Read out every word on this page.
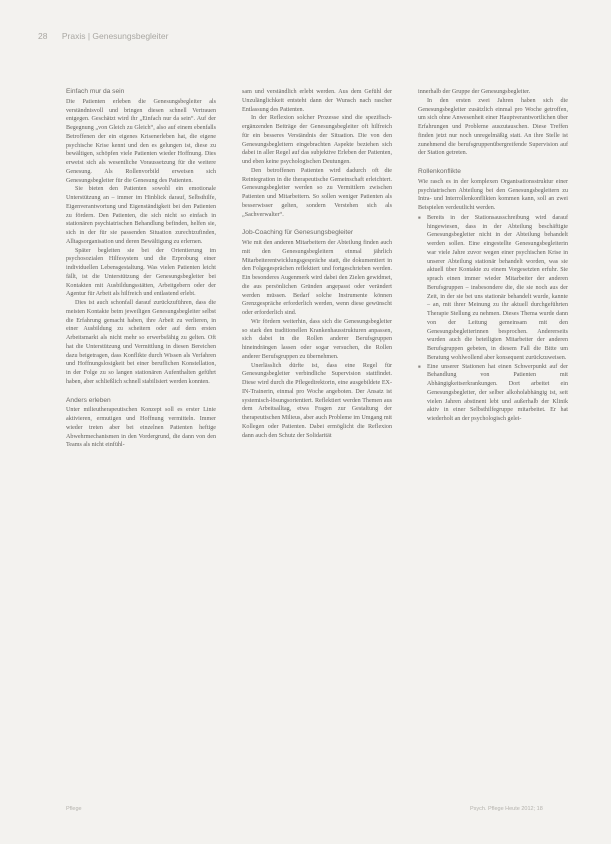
28 Praxis | Genesungsbegleiter
Einfach mur da sein

Die Patienten erleben die Genesungsbegleiter als verständnisvoll und bringen diesen schnell Vertrauen entgegen. Geschätzt wird ihr „Einfach nur da sein“. Auf der Begegnung „von Gleich zu Gleich“, also auf einem ebenfalls Betroffenen der ein eigenes Krisenerleben hat, die eigene psychische Krise kennt und den es gelungen ist, diese zu bewältigen, schöpfen viele Patienten wieder Hoffnung. Dies erweist sich als wesentliche Voraussetzung für die weitere Genesung. Als Rollenvorbild erweisen sich Genesungsbegleiter für die Genesung des Patienten.

Sie bieten den Patienten sowohl ein emotionale Unterstützung an – immer im Hinblick darauf, Selbsthilfe, Eigenverantwortung und Eigenständigkeit bei den Patienten zu fördern. Den Patienten, die sich nicht so einfach in stationären psychiatrischen Behandlung befinden, helfen sie, sich in der für sie passenden Situation zurechtzufinden, Alltagsorganisation und deren Bewältigung zu erlernen.

Später begleiten sie bei der Orientierung im psychosozialen Hilfesystem und die Erprobung einer individuellen Lebensgestaltung. Was vielen Patienten leicht fällt, ist die Unterstützung der Genesungsbegleiter bei Kontakten mit Ausbildungsstätten, Arbeitgebern oder der Agentur für Arbeit als hilfreich und entlastend erlebt.

Dies ist auch schonfall darauf zurückzuführen, dass die meisten Kontakte beim jeweiligen Genesungsbegleiter selbst die Erfahrung gemacht haben, ihre Arbeit zu verlieren, in einer Ausbildung zu scheitern oder auf dem ersten Arbeitsmarkt als nicht mehr so erwerbsfähig zu gelten. Oft hat die Unterstützung und Vermittlung in diesen Bereichen dazu beigetragen, dass Konflikte durch Wissen als Verfahren und Hoffnungslosigkeit bei einer beruflichen Konstellation, in der Folge zu so langen stationären Aufenthalten geführt haben, aber schließlich schnell stabilisiert werden konnten.

Anders erleben

Unter milieutherapeutischen Konzept soll es erster Linie aktivieren, ermutigen und Hoffnung vermitteln. Immer wieder treten aber bei einzelnen Patienten heftige Abwehrmechanismen in den Vordergrund, die dann von den Teams als nicht einfühl-

sam und verständlich erlebt werden. Aus dem Gefühl der Unzulänglichkeit entsteht dann der Wunsch nach rascher Entlassung des Patienten.

In der Reflexion solcher Prozesse sind die spezifisch-ergänzenden Beiträge der Genesungsbegleiter oft hilfreich für ein besseres Verständnis der Situation. Die von den Genesungsbegleitern eingebrachten Aspekte beziehen sich dabei in aller Regel auf das subjektive Erleben der Patienten, und eben keine psychologischen Deutungen.

Den betroffenen Patienten wird dadurch oft die Reintegration in die therapeutische Gemeinschaft erleichtert. Genesungsbegleiter werden so zu Vermittlern zwischen Patienten und Mitarbeitern. So sollen weniger Patienten als besserwisser gelten, sondern Verstehen sich als „Sachverwalter“.

Job-Coaching für Genesungsbegleiter

Wie mit den anderen Mitarbeitern der Abteilung finden auch mit den Genesungsbegleitern einmal jährlich Mitarbeiterentwicklungsgespräche statt, die dokumentiert in den Folgegesprächen reflektiert und fortgeschrieben werden. Ein besonderes Augenmerk wird dabei den Zielen gewidmet, die aus persönlichen Gründen angepasst oder verändert werden müssen. Bedarf solche Instrumente können Grenzgespräche erforderlich werden, wenn diese gewünscht oder erforderlich sind.

Wir fördern weiterhin, dass sich die Genesungsbegleiter so stark den traditionellen Krankenhausstrukturen anpassen, sich dabei in die Rollen anderer Berufsgruppen hineindrängen lassen oder sogar versuchen, die Rollen anderer Berufsgruppen zu übernehmen.

Unerlässlich dürfte ist, dass eine Regel für Genesungsbegleiter verbindliche Supervision stattfindet. Diese wird durch die Pflegedirektorin, eine ausgebildete EX-IN-Trainerin, einmal pro Woche angeboten. Der Ansatz ist systemisch-lösungsorientiert. Reflektiert werden Themen aus dem Arbeitsalltag, etwa Fragen zur Gestaltung der therapeutischen Milieus, aber auch Probleme im Umgang mit Kollegen oder Patienten. Dabei ermöglicht die Reflexion dann auch den Schutz der Solidarität

innerhalb der Gruppe der Genesungsbegleiter.

In den ersten zwei Jahren haben sich die Genesungsbegleiter zusätzlich einmal pro Woche getroffen, um sich ohne Anwesenheit einer Hauptverantwortlichen über Erfahrungen und Probleme auszutauschen. Diese Treffen finden jetzt nur noch unregelmäßig statt. An ihre Stelle ist zunehmend die berufsgruppenübergreifende Supervision auf der Station getreten.

Rollenkonflikte

Wie rasch es in der komplexen Organisationsstruktur einer psychiatrischen Abteilung bei den Genesungsbegleitern zu Intra- und Interrollenkonflikten kommen kann, soll an zwei Beispielen verdeutlicht werden.

■ Bereits in der Stationsausschreibung wird darauf hingewiesen, dass in der Abteilung beschäftigte Genesungsbegleiter nicht in der Abteilung behandelt werden sollen. Eine eingestellte Genesungsbegleiterin war viele Jahre zuvor wegen einer psychischen Krise in unserer Abteilung stationär behandelt worden, was sie aktuell über Kontakte zu einem Vorgesetzten erfuhr. Sie sprach einen immer wieder Mitarbeiter der anderen Berufsgruppen – insbesondere die, die sie noch aus der Zeit, in der sie bei uns stationär behandelt wurde, kannte – an, mit ihrer Meinung zu ihr aktuell durchgeführten Therapie Stellung zu nehmen. Dieses Thema wurde dann von der Leitung gemeinsam mit den Genesungsbegleiterinnen besprochen. Andererseits wurden auch die beteiligten Mitarbeiter der anderen Berufsgruppen gebeten, in diesem Fall die Bitte um Beratung wohlwollend aber konsequent zurückzuweisen.
■ Eine unserer Stationen hat einen Schwerpunkt auf der Behandlung von Patienten mit Abhängigkeitserkrankungen. Dort arbeitet ein Genesungsbegleiter, der selber alkoholabhängig ist, seit vielen Jahren abstinent lebt und außerhalb der Klinik aktiv in einer Selbsthilfegruppe mitarbeitet. Er hat wiederholt an der psychologisch gelei-
Pflege	Psych. Pflege Heute 2012; 18
